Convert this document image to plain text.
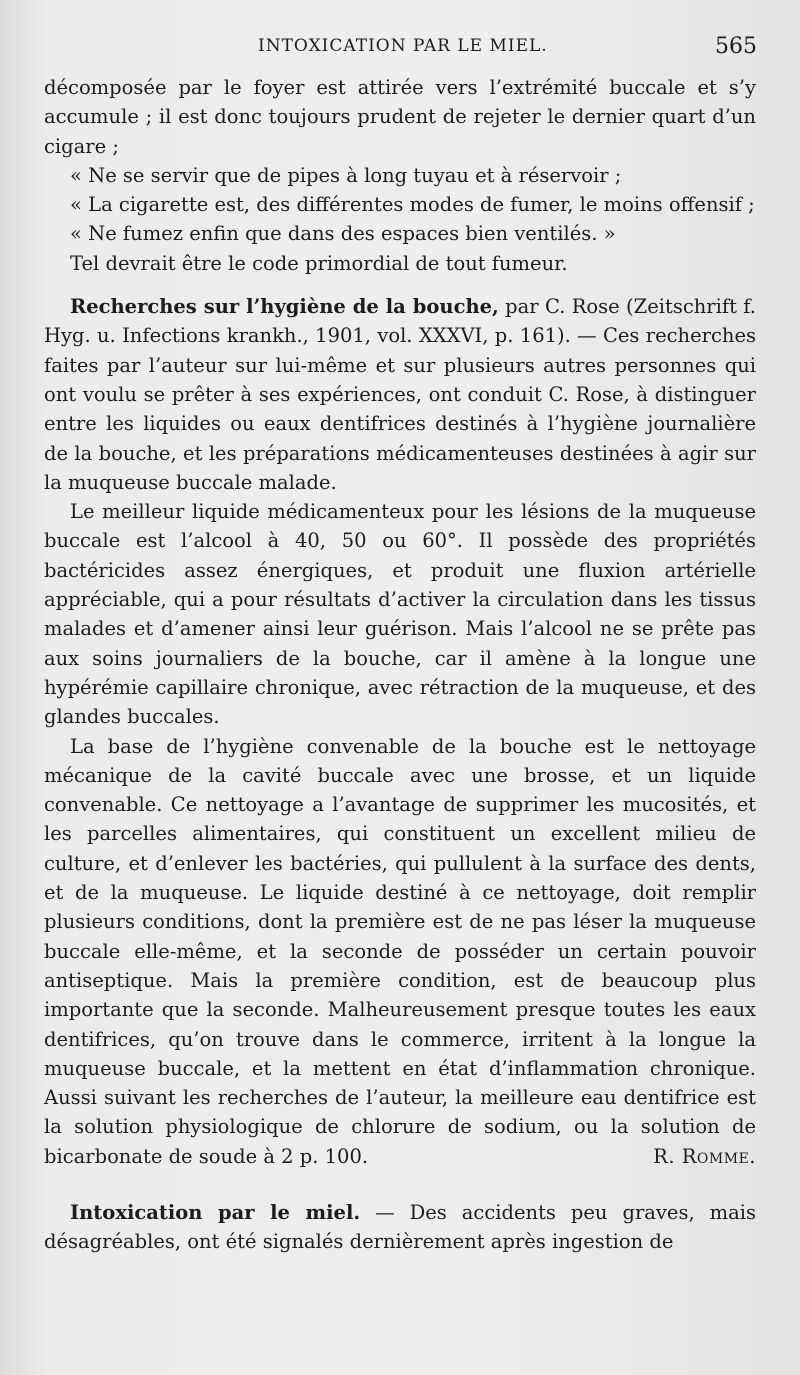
INTOXICATION PAR LE MIEL.	565

décomposée par le foyer est attirée vers l’extrémité buccale et s’y accumule ; il est donc toujours prudent de rejeter le dernier quart d’un cigare ;

« Ne se servir que de pipes à long tuyau et à réservoir ;

« La cigarette est, des différentes modes de fumer, le moins offensif ;

« Ne fumez enfin que dans des espaces bien ventilés. »

Tel devrait être le code primordial de tout fumeur.

Recherches sur l’hygiène de la bouche, par C. Rose (Zeitschrift f. Hyg. u. Infections krankh., 1901, vol. XXXVI, p. 161). — Ces recherches faites par l’auteur sur lui-même et sur plusieurs autres personnes qui ont voulu se prêter à ses expériences, ont conduit C. Rose, à distinguer entre les liquides ou eaux dentifrices destinés à l’hygiène journalière de la bouche, et les préparations médicamenteuses destinées à agir sur la muqueuse buccale malade.

Le meilleur liquide médicamenteux pour les lésions de la muqueuse buccale est l’alcool à 40, 50 ou 60°. Il possède des propriétés bactéricides assez énergiques, et produit une fluxion artérielle appréciable, qui a pour résultats d’activer la circulation dans les tissus malades et d’amener ainsi leur guérison. Mais l’alcool ne se prête pas aux soins journaliers de la bouche, car il amène à la longue une hypérémie capillaire chronique, avec rétraction de la muqueuse, et des glandes buccales.

La base de l’hygiène convenable de la bouche est le nettoyage mécanique de la cavité buccale avec une brosse, et un liquide convenable. Ce nettoyage a l’avantage de supprimer les mucosités, et les parcelles alimentaires, qui constituent un excellent milieu de culture, et d’enlever les bactéries, qui pullulent à la surface des dents, et de la muqueuse. Le liquide destiné à ce nettoyage, doit remplir plusieurs conditions, dont la première est de ne pas léser la muqueuse buccale elle-même, et la seconde de posséder un certain pouvoir antiseptique. Mais la première condition, est de beaucoup plus importante que la seconde. Malheureusement presque toutes les eaux dentifrices, qu’on trouve dans le commerce, irritent à la longue la muqueuse buccale, et la mettent en état d’inflammation chronique. Aussi suivant les recherches de l’auteur, la meilleure eau dentifrice est la solution physiologique de chlorure de sodium, ou la solution de bicarbonate de soude à 2 p. 100.	R. Romme.

Intoxication par le miel. — Des accidents peu graves, mais désagréables, ont été signalés dernièrement après ingestion de
